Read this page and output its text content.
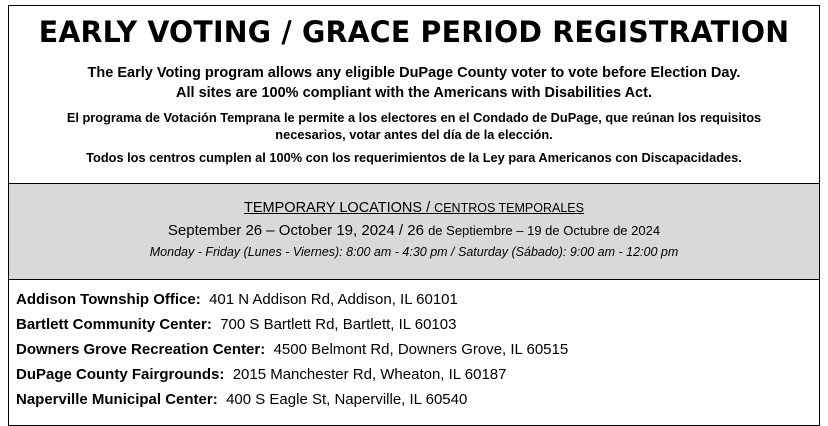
EARLY VOTING / GRACE PERIOD REGISTRATION
The Early Voting program allows any eligible DuPage County voter to vote before Election Day.
All sites are 100% compliant with the Americans with Disabilities Act.
El programa de Votación Temprana le permite a los electores en el Condado de DuPage, que reúnan los requisitos necesarios, votar antes del día de la elección.
Todos los centros cumplen al 100% con los requerimientos de la Ley para Americanos con Discapacidades.
TEMPORARY LOCATIONS / CENTROS TEMPORALES
September 26 – October 19, 2024 / 26 de Septiembre – 19 de Octubre de 2024
Monday - Friday (Lunes - Viernes): 8:00 am - 4:30 pm / Saturday (Sábado): 9:00 am - 12:00 pm
Addison Township Office: 401 N Addison Rd, Addison, IL 60101
Bartlett Community Center: 700 S Bartlett Rd, Bartlett, IL 60103
Downers Grove Recreation Center: 4500 Belmont Rd, Downers Grove, IL 60515
DuPage County Fairgrounds: 2015 Manchester Rd, Wheaton, IL 60187
Naperville Municipal Center: 400 S Eagle St, Naperville, IL 60540
